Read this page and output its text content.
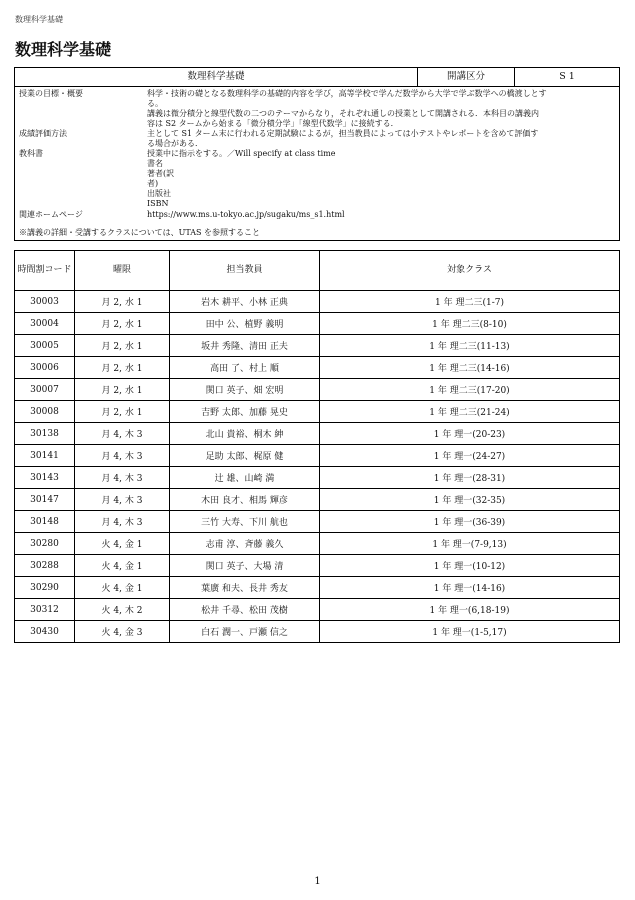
数理科学基礎
数理科学基礎
数理科学基礎	開講区分	S 1
授業の目標・概要	科学・技術の礎となる数理科学の基礎的内容を学び，高等学校で学んだ数学から大学で学ぶ数学への橋渡しとす
る。
講義は微分積分と線型代数の二つのテーマからなり，それぞれ通しの授業として開講される．本科目の講義内
容は S2 タームから始まる「微分積分学」「線型代数学」に接続する．
成績評価方法	主として S1 ターム末に行われる定期試験によるが，担当教員によっては小テストやレポートを含めて評価す
る場合がある．
教科書	授業中に指示をする。／Will specify at class time
書名
著者(訳
者)
出版社
ISBN
関連ホームページ	https://www.ms.u-tokyo.ac.jp/sugaku/ms_s1.html
※講義の詳細・受講するクラスについては、UTAS を参照すること
時間割コード	曜限	担当教員	対象クラス
30003	月 2, 水 1	岩木 耕平、小林 正典	1 年 理二三(1-7)
30004	月 2, 水 1	田中 公、植野 義明	1 年 理二三(8-10)
30005	月 2, 水 1	坂井 秀隆、清田 正夫	1 年 理二三(11-13)
30006	月 2, 水 1	高田 了、村上 順	1 年 理二三(14-16)
30007	月 2, 水 1	関口 英子、畑 宏明	1 年 理二三(17-20)
30008	月 2, 水 1	吉野 太郎、加藤 晃史	1 年 理二三(21-24)
30138	月 4, 木 3	北山 貴裕、桐木 紳	1 年 理一(20-23)
30141	月 4, 木 3	足助 太郎、梶原 健	1 年 理一(24-27)
30143	月 4, 木 3	辻 雄、山崎 満	1 年 理一(28-31)
30147	月 4, 木 3	木田 良才、相馬 輝彦	1 年 理一(32-35)
30148	月 4, 木 3	三竹 大寿、下川 航也	1 年 理一(36-39)
30280	火 4, 金 1	志甫 淳、斉藤 義久	1 年 理一(7-9,13)
30288	火 4, 金 1	関口 英子、大場 清	1 年 理一(10-12)
30290	火 4, 金 1	葉廣 和夫、長井 秀友	1 年 理一(14-16)
30312	火 4, 木 2	松井 千尋、松田 茂樹	1 年 理一(6,18-19)
30430	火 4, 金 3	白石 潤一、戸瀬 信之	1 年 理一(1-5,17)
1
